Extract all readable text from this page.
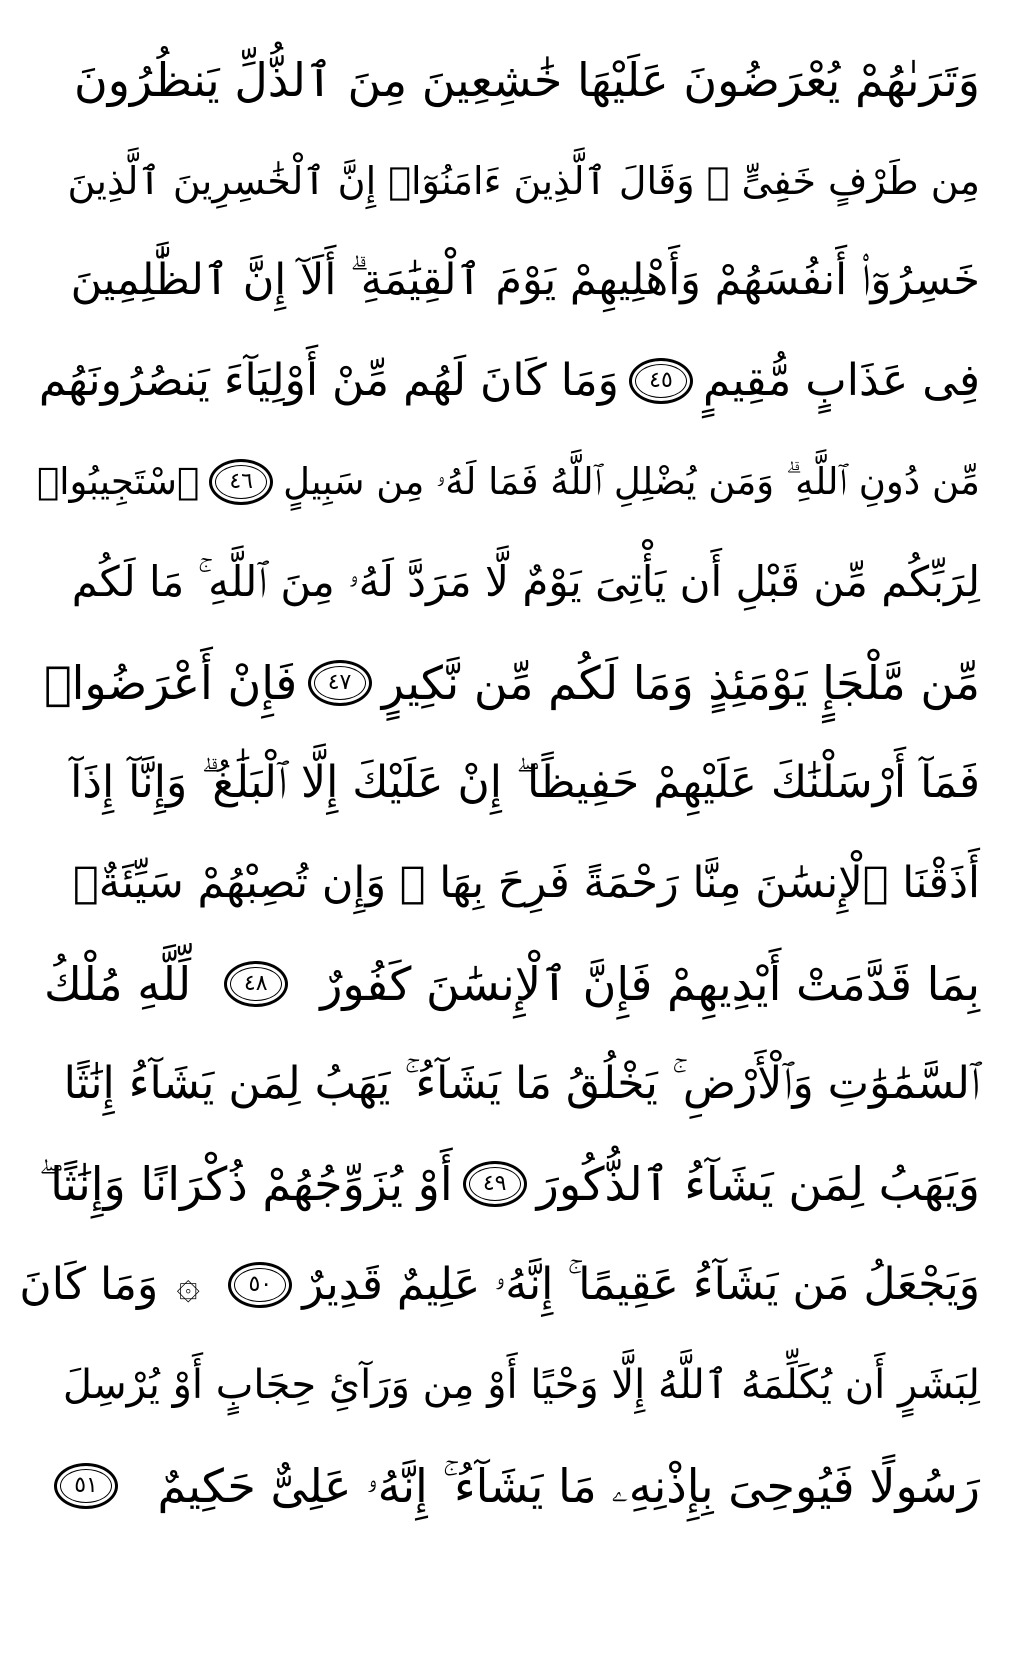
وَتَرَىٰهُمْ يُعْرَضُونَ عَلَيْهَا خَٰشِعِينَ مِنَ ٱلذُّلِّ يَنظُرُونَ
مِن طَرْفٍ خَفِىٍّ ۗ وَقَالَ ٱلَّذِينَ ءَامَنُوٓا۟ إِنَّ ٱلْخَٰسِرِينَ ٱلَّذِينَ
خَسِرُوٓا۟ أَنفُسَهُمْ وَأَهْلِيهِمْ يَوْمَ ٱلْقِيَٰمَةِ ۗ أَلَآ إِنَّ ٱلظَّٰلِمِينَ
فِى عَذَابٍ مُّقِيمٍ
٤٥
وَمَا كَانَ لَهُم مِّنْ أَوْلِيَآءَ يَنصُرُونَهُم
مِّن دُونِ ٱللَّهِ ۗ وَمَن يُضْلِلِ ٱللَّهُ فَمَا لَهُۥ مِن سَبِيلٍ
٤٦
ٱسْتَجِيبُوا۟
لِرَبِّكُم مِّن قَبْلِ أَن يَأْتِىَ يَوْمٌ لَّا مَرَدَّ لَهُۥ مِنَ ٱللَّهِ ۚ مَا لَكُم
مِّن مَّلْجَإٍ يَوْمَئِذٍ وَمَا لَكُم مِّن نَّكِيرٍ
٤٧
فَإِنْ أَعْرَضُوا۟
فَمَآ أَرْسَلْنَٰكَ عَلَيْهِمْ حَفِيظًا ۖ إِنْ عَلَيْكَ إِلَّا ٱلْبَلَٰغُ ۗ وَإِنَّآ إِذَآ
أَذَقْنَا ٱلْإِنسَٰنَ مِنَّا رَحْمَةً فَرِحَ بِهَا ۖ وَإِن تُصِبْهُمْ سَيِّئَةٌۢ
بِمَا قَدَّمَتْ أَيْدِيهِمْ فَإِنَّ ٱلْإِنسَٰنَ كَفُورٌ
٤٨
لِّلَّهِ مُلْكُ
ٱلسَّمَٰوَٰتِ وَٱلْأَرْضِ ۚ يَخْلُقُ مَا يَشَآءُ ۚ يَهَبُ لِمَن يَشَآءُ إِنَٰثًا
وَيَهَبُ لِمَن يَشَآءُ ٱلذُّكُورَ
٤٩
أَوْ يُزَوِّجُهُمْ ذُكْرَانًا وَإِنَٰثًا ۖ
وَيَجْعَلُ مَن يَشَآءُ عَقِيمًا ۚ إِنَّهُۥ عَلِيمٌ قَدِيرٌ
٥٠
۞
وَمَا كَانَ
لِبَشَرٍ أَن يُكَلِّمَهُ ٱللَّهُ إِلَّا وَحْيًا أَوْ مِن وَرَآئِ حِجَابٍ أَوْ يُرْسِلَ
رَسُولًا فَيُوحِىَ بِإِذْنِهِۦ مَا يَشَآءُ ۚ إِنَّهُۥ عَلِىٌّ حَكِيمٌ
٥١
